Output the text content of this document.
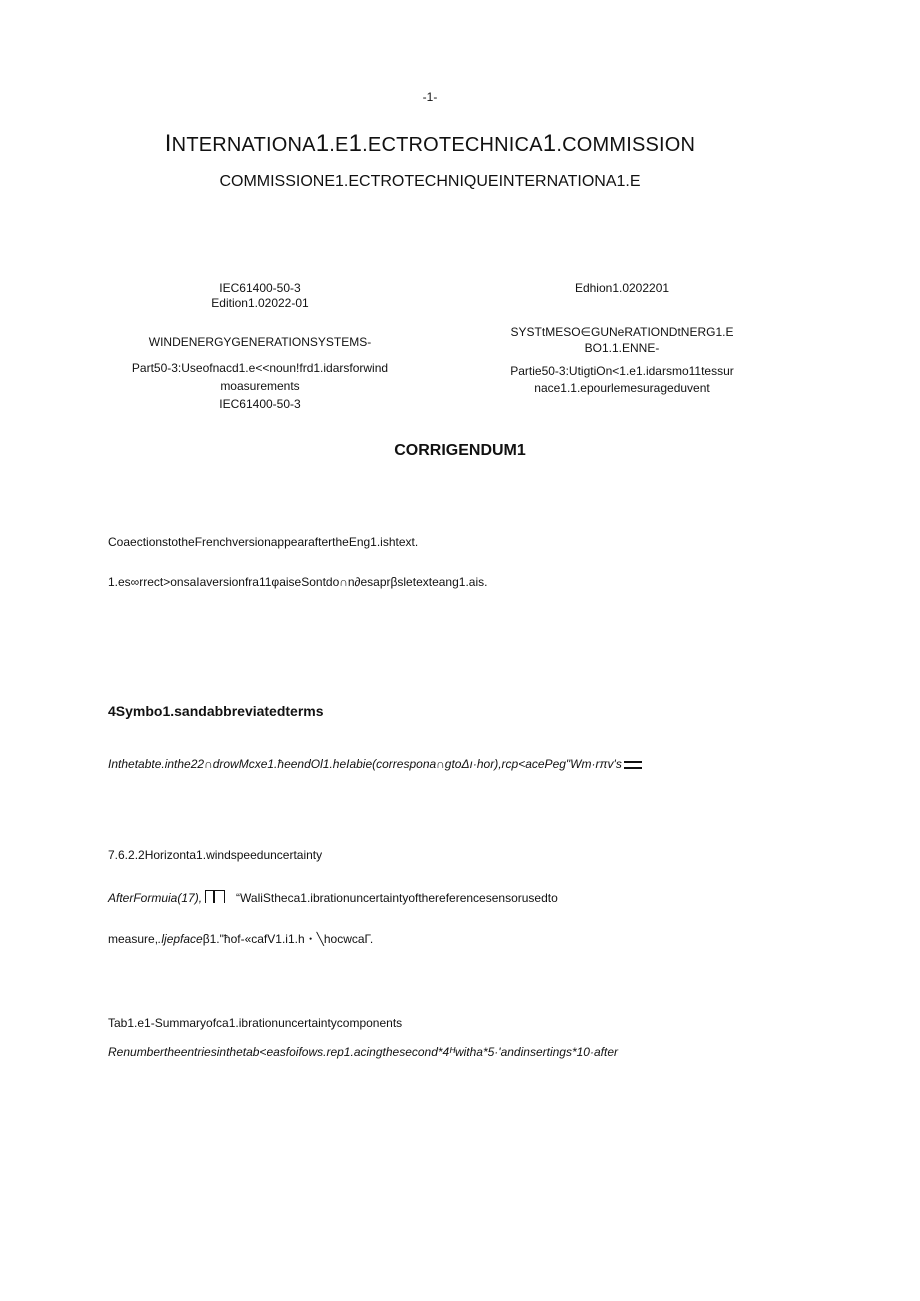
-1-

INTERNATIONA1.E1.ECTROTECHNICA1.COMMISSION

COMMISSIONE1.ECTROTECHNIQUEINTERNATIONA1.E

IEC61400-50-3

Edition1.02022-01

WINDENERGYGENERATIONSYSTEMS-

Part50-3:Useofnacd1.e<<noun!frd1.idarsforwind

moasurements

IEC61400-50-3

Edhion1.0202201

SYSTtMESO∈GUNeRATIONDtNERG1.E

BO1.1.ENNE-

Partie50-3:UtigtiOn<1.e1.idarsmo11tessur

nace1.1.epourlemesurageduvent

CORRIGENDUM1

CoaectionstotheFrenchversionappearaftertheEng1.ishtext.

1.es∞rrect>onsaIaversionfra11φaiseSontdo∩n∂esaprβsletexteang1.ais.

4Symbo1.sandabbreviatedterms

Inthetabte.inthe22∩drowMcxe1.ћeendOl1.heIabie(correspona∩gtoΔı·hor),rcp<acePeg"Wm·rπv's

7.6.2.2Horizonta1.windspeeduncertainty

AfterFormuia(17),	“WaliStheca1.ibrationuncertaintyofthereferencesensorusedto

measure,.ljepfaceβ1."ћof-«cafV1.i1.h・╲hocwcaΓ.

Tab1.e1-Summaryofca1.ibrationuncertaintycomponents

Renumbertheentriesinthetab<easfoifows.rep1.acingthesecond*4ᴴwitha*5·'andinsertings*10·after
